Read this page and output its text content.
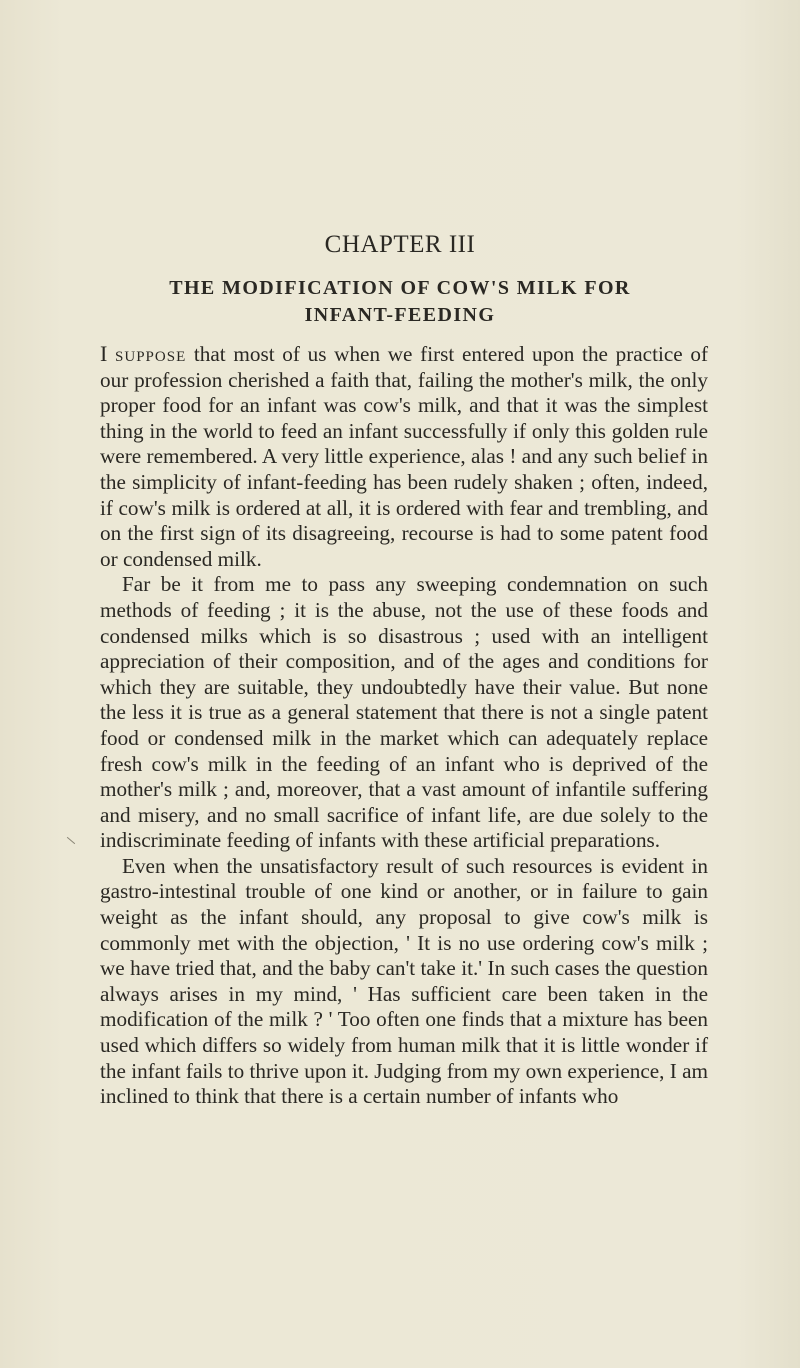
CHAPTER III
THE MODIFICATION OF COW'S MILK FOR INFANT-FEEDING

I suppose that most of us when we first entered upon the practice of our profession cherished a faith that, failing the mother's milk, the only proper food for an infant was cow's milk, and that it was the simplest thing in the world to feed an infant successfully if only this golden rule were remembered. A very little experience, alas ! and any such belief in the simplicity of infant-feeding has been rudely shaken ; often, indeed, if cow's milk is ordered at all, it is ordered with fear and trembling, and on the first sign of its disagreeing, recourse is had to some patent food or condensed milk.

Far be it from me to pass any sweeping condemnation on such methods of feeding ; it is the abuse, not the use of these foods and condensed milks which is so disastrous ; used with an intelligent appreciation of their composition, and of the ages and conditions for which they are suitable, they undoubtedly have their value. But none the less it is true as a general statement that there is not a single patent food or condensed milk in the market which can adequately replace fresh cow's milk in the feeding of an infant who is deprived of the mother's milk ; and, moreover, that a vast amount of infantile suffering and misery, and no small sacrifice of infant life, are due solely to the indiscriminate feeding of infants with these artificial preparations.

Even when the unsatisfactory result of such resources is evident in gastro-intestinal trouble of one kind or another, or in failure to gain weight as the infant should, any proposal to give cow's milk is commonly met with the objection, ' It is no use ordering cow's milk ; we have tried that, and the baby can't take it.' In such cases the question always arises in my mind, ' Has sufficient care been taken in the modification of the milk ? ' Too often one finds that a mixture has been used which differs so widely from human milk that it is little wonder if the infant fails to thrive upon it. Judging from my own experience, I am inclined to think that there is a certain number of infants who
